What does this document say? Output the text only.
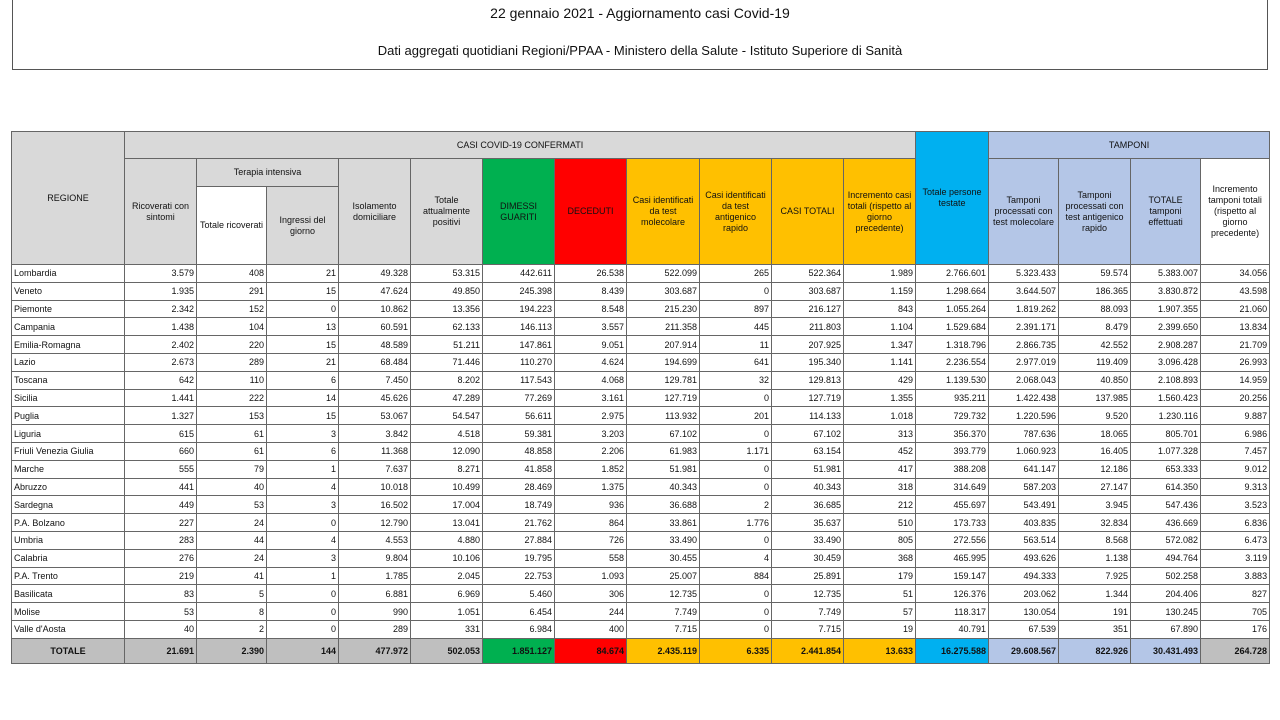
22 gennaio 2021 - Aggiornamento casi Covid-19
Dati aggregati quotidiani Regioni/PPAA - Ministero della Salute - Istituto Superiore di Sanità
REGIONE	CASI COVID-19 CONFERMATI											Totale persone testate	TAMPONI			
	Ricoverati con sintomi	Terapia intensiva		Isolamento domiciliare	Totale attualmente positivi	DIMESSI GUARITI	DECEDUTI	Casi identificati da test molecolare	Casi identificati da test antigenico rapido	CASI TOTALI	Incremento casi totali (rispetto al giorno precedente)		Tamponi processati con test molecolare	Tamponi processati con test antigenico rapido	TOTALE tamponi effettuati	Incremento tamponi totali (rispetto al giorno precedente)
		Totale ricoverati	Ingressi del giorno													
Lombardia	3.579	408	21	49.328	53.315	442.611	26.538	522.099	265	522.364	1.989	2.766.601	5.323.433	59.574	5.383.007	34.056
Veneto	1.935	291	15	47.624	49.850	245.398	8.439	303.687	0	303.687	1.159	1.298.664	3.644.507	186.365	3.830.872	43.598
Piemonte	2.342	152	0	10.862	13.356	194.223	8.548	215.230	897	216.127	843	1.055.264	1.819.262	88.093	1.907.355	21.060
Campania	1.438	104	13	60.591	62.133	146.113	3.557	211.358	445	211.803	1.104	1.529.684	2.391.171	8.479	2.399.650	13.834
Emilia-Romagna	2.402	220	15	48.589	51.211	147.861	9.051	207.914	11	207.925	1.347	1.318.796	2.866.735	42.552	2.908.287	21.709
Lazio	2.673	289	21	68.484	71.446	110.270	4.624	194.699	641	195.340	1.141	2.236.554	2.977.019	119.409	3.096.428	26.993
Toscana	642	110	6	7.450	8.202	117.543	4.068	129.781	32	129.813	429	1.139.530	2.068.043	40.850	2.108.893	14.959
Sicilia	1.441	222	14	45.626	47.289	77.269	3.161	127.719	0	127.719	1.355	935.211	1.422.438	137.985	1.560.423	20.256
Puglia	1.327	153	15	53.067	54.547	56.611	2.975	113.932	201	114.133	1.018	729.732	1.220.596	9.520	1.230.116	9.887
Liguria	615	61	3	3.842	4.518	59.381	3.203	67.102	0	67.102	313	356.370	787.636	18.065	805.701	6.986
Friuli Venezia Giulia	660	61	6	11.368	12.090	48.858	2.206	61.983	1.171	63.154	452	393.779	1.060.923	16.405	1.077.328	7.457
Marche	555	79	1	7.637	8.271	41.858	1.852	51.981	0	51.981	417	388.208	641.147	12.186	653.333	9.012
Abruzzo	441	40	4	10.018	10.499	28.469	1.375	40.343	0	40.343	318	314.649	587.203	27.147	614.350	9.313
Sardegna	449	53	3	16.502	17.004	18.749	936	36.688	2	36.685	212	455.697	543.491	3.945	547.436	3.523
P.A. Bolzano	227	24	0	12.790	13.041	21.762	864	33.861	1.776	35.637	510	173.733	403.835	32.834	436.669	6.836
Umbria	283	44	4	4.553	4.880	27.884	726	33.490	0	33.490	805	272.556	563.514	8.568	572.082	6.473
Calabria	276	24	3	9.804	10.106	19.795	558	30.455	4	30.459	368	465.995	493.626	1.138	494.764	3.119
P.A. Trento	219	41	1	1.785	2.045	22.753	1.093	25.007	884	25.891	179	159.147	494.333	7.925	502.258	3.883
Basilicata	83	5	0	6.881	6.969	5.460	306	12.735	0	12.735	51	126.376	203.062	1.344	204.406	827
Molise	53	8	0	990	1.051	6.454	244	7.749	0	7.749	57	118.317	130.054	191	130.245	705
Valle d'Aosta	40	2	0	289	331	6.984	400	7.715	0	7.715	19	40.791	67.539	351	67.890	176
TOTALE	21.691	2.390	144	477.972	502.053	1.851.127	84.674	2.435.119	6.335	2.441.854	13.633	16.275.588	29.608.567	822.926	30.431.493	264.728
